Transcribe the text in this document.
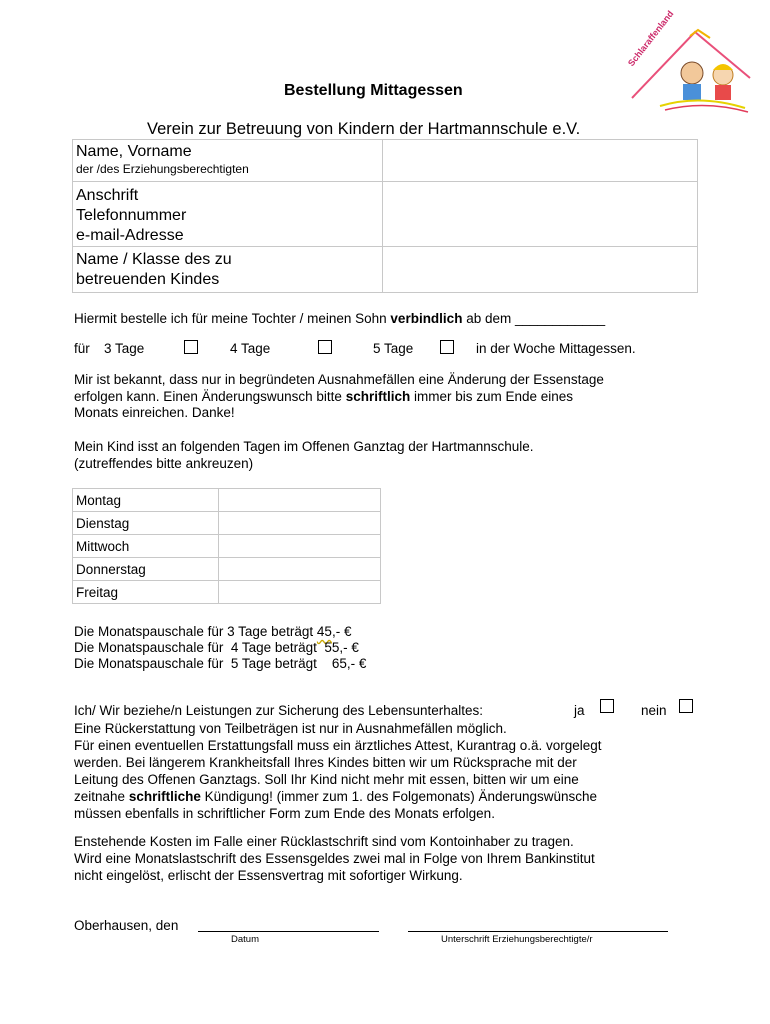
Schlaraffenland
Bestellung Mittagessen
Verein zur Betreuung von Kindern der Hartmannschule e.V.
Name, Vorname
der /des Erziehungsberechtigten	

Anschrift
Telefonnummer
e-mail-Adresse	

Name / Klasse des zu
betreuenden Kindes	

Hiermit bestelle ich für meine Tochter / meinen Sohn verbindlich ab dem ____________
für 3 Tage	4 Tage	5 Tage	in der Woche Mittagessen.
Mir ist bekannt, dass nur in begründeten Ausnahmefällen eine Änderung der Essenstage
erfolgen kann. Einen Änderungswunsch bitte schriftlich immer bis zum Ende eines
Monats einreichen. Danke!
Mein Kind isst an folgenden Tagen im Offenen Ganztag der Hartmannschule.
(zutreffendes bitte ankreuzen)
Montag	
Dienstag	
Mittwoch	
Donnerstag	
Freitag	
Die Monatspauschale für 3 Tage beträgt 45,- €
Die Monatspauschale für  4 Tage beträgt  55,- €
Die Monatspauschale für  5 Tage beträgt    65,- €
Ich/ Wir beziehe/n Leistungen zur Sicherung des Lebensunterhaltes:	ja	nein
Eine Rückerstattung von Teilbeträgen ist nur in Ausnahmefällen möglich.
Für einen eventuellen Erstattungsfall muss ein ärztliches Attest, Kurantrag o.ä. vorgelegt
werden. Bei längerem Krankheitsfall Ihres Kindes bitten wir um Rücksprache mit der
Leitung des Offenen Ganztags. Soll Ihr Kind nicht mehr mit essen, bitten wir um eine
zeitnahe schriftliche Kündigung! (immer zum 1. des Folgemonats) Änderungswünsche
müssen ebenfalls in schriftlicher Form zum Ende des Monats erfolgen.
Enstehende Kosten im Falle einer Rücklastschrift sind vom Kontoinhaber zu tragen.
Wird eine Monatslastschrift des Essensgeldes zwei mal in Folge von Ihrem Bankinstitut
nicht eingelöst, erlischt der Essensvertrag mit sofortiger Wirkung.
Oberhausen, den
Datum	Unterschrift Erziehungsberechtigte/r
